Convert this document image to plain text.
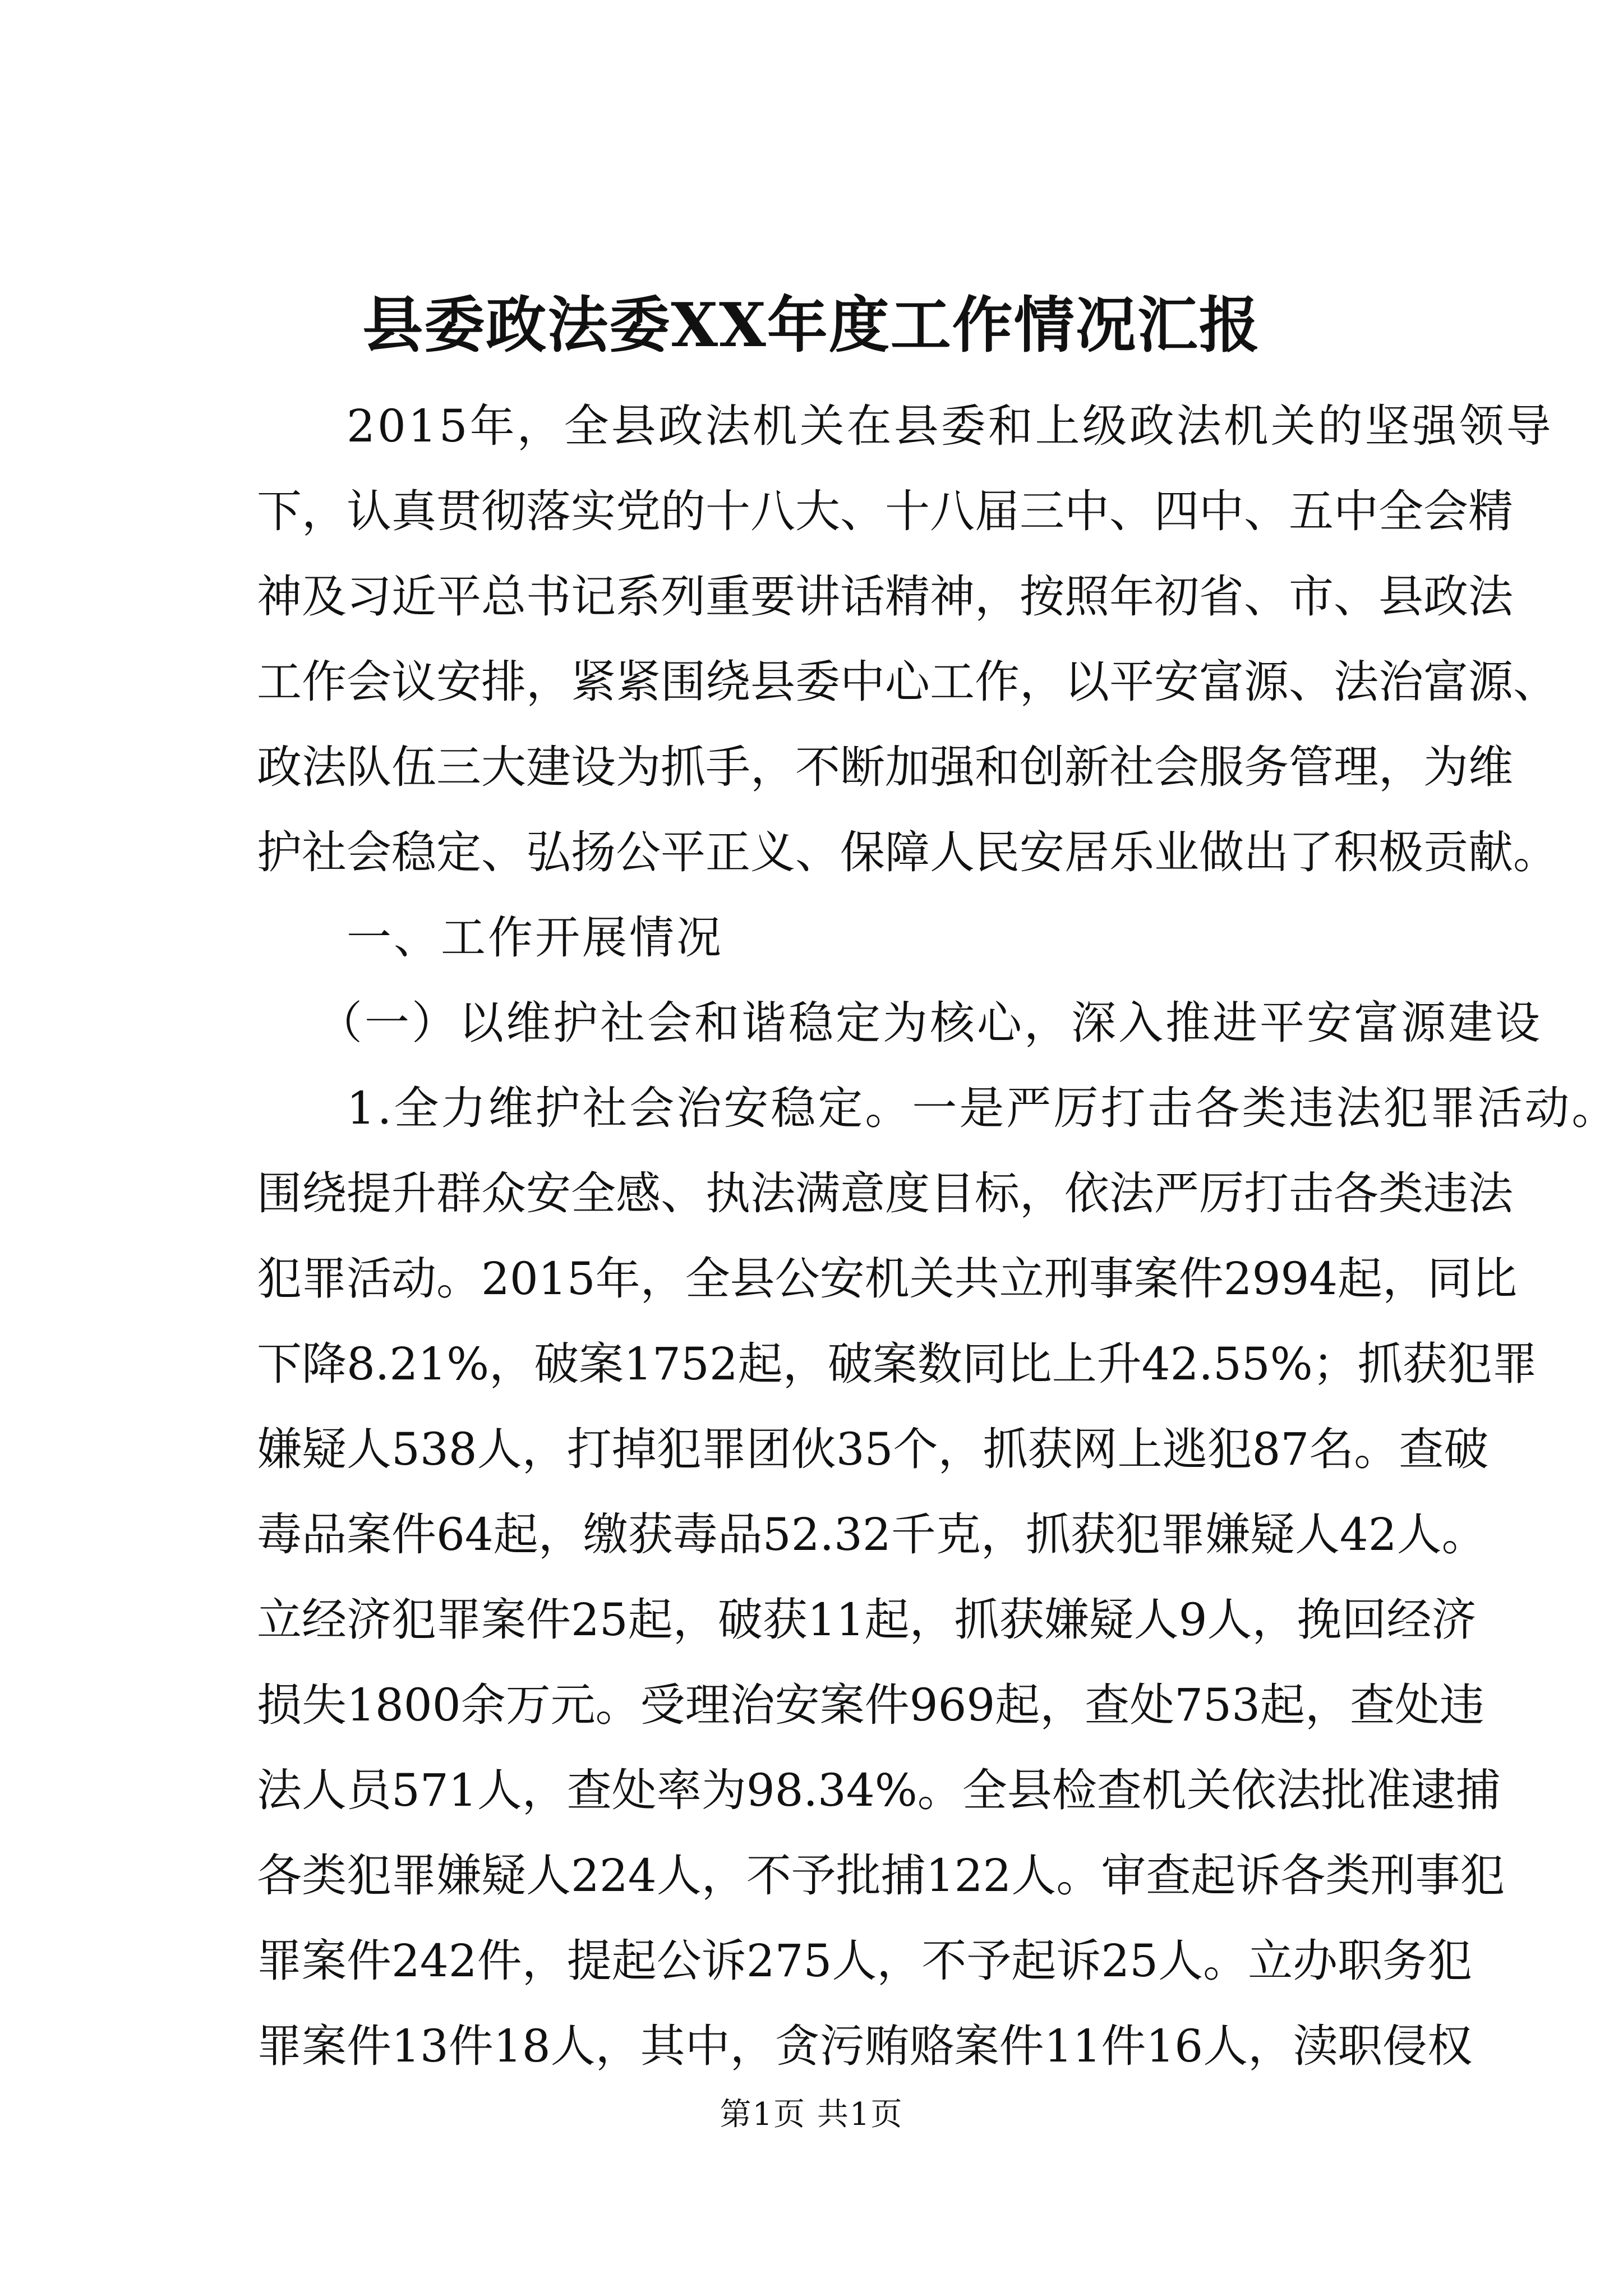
县委政法委XX年度工作情况汇报
2015年，全县政法机关在县委和上级政法机关的坚强领导
下，认真贯彻落实党的十八大、十八届三中、四中、五中全会精
神及习近平总书记系列重要讲话精神，按照年初省、市、县政法
工作会议安排，紧紧围绕县委中心工作，以平安富源、法治富源、
政法队伍三大建设为抓手，不断加强和创新社会服务管理，为维
护社会稳定、弘扬公平正义、保障人民安居乐业做出了积极贡献。
一、工作开展情况
（一）以维护社会和谐稳定为核心，深入推进平安富源建设
1.全力维护社会治安稳定。一是严厉打击各类违法犯罪活动。
围绕提升群众安全感、执法满意度目标，依法严厉打击各类违法
犯罪活动。2015年，全县公安机关共立刑事案件2994起，同比
下降8.21%，破案1752起，破案数同比上升42.55%；抓获犯罪
嫌疑人538人，打掉犯罪团伙35个，抓获网上逃犯87名。查破
毒品案件64起，缴获毒品52.32千克，抓获犯罪嫌疑人42人。
立经济犯罪案件25起，破获11起，抓获嫌疑人9人，挽回经济
损失1800余万元。受理治安案件969起，查处753起，查处违
法人员571人，查处率为98.34%。全县检查机关依法批准逮捕
各类犯罪嫌疑人224人，不予批捕122人。审查起诉各类刑事犯
罪案件242件，提起公诉275人，不予起诉25人。立办职务犯
罪案件13件18人，其中，贪污贿赂案件11件16人，渎职侵权
第1页 共1页
